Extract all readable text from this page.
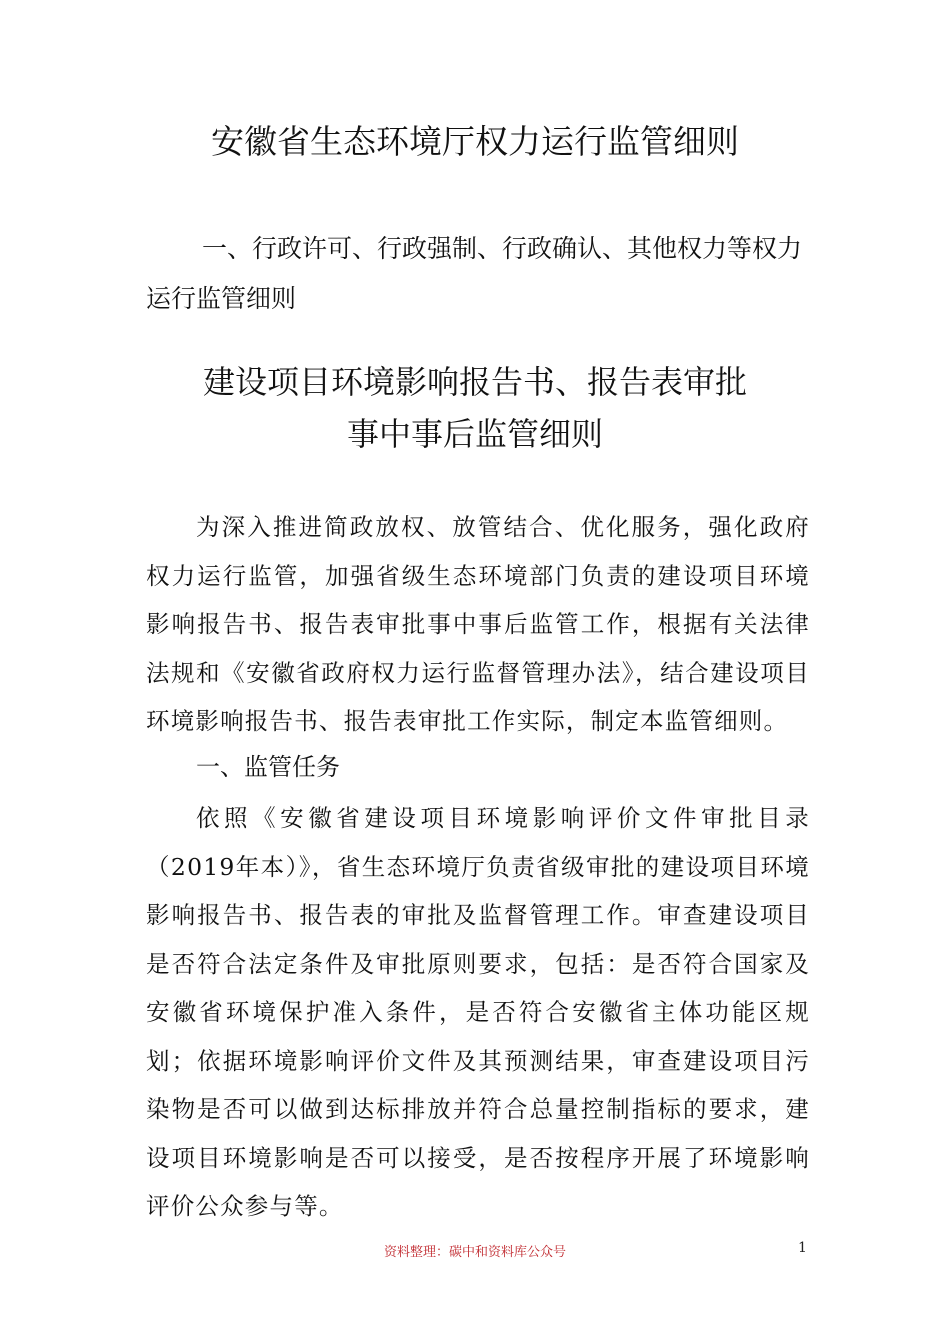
安徽省生态环境厅权力运行监管细则
一、行政许可、行政强制、行政确认、其他权力等权力运行监管细则
建设项目环境影响报告书、报告表审批
事中事后监管细则

为深入推进简政放权、放管结合、优化服务，强化政府权力运行监管，加强省级生态环境部门负责的建设项目环境影响报告书、报告表审批事中事后监管工作，根据有关法律法规和《安徽省政府权力运行监督管理办法》，结合建设项目环境影响报告书、报告表审批工作实际，制定本监管细则。

一、监管任务

依照《安徽省建设项目环境影响评价文件审批目录（2019年本）》，省生态环境厅负责省级审批的建设项目环境影响报告书、报告表的审批及监督管理工作。审查建设项目是否符合法定条件及审批原则要求，包括：是否符合国家及安徽省环境保护准入条件，是否符合安徽省主体功能区规划；依据环境影响评价文件及其预测结果，审查建设项目污染物是否可以做到达标排放并符合总量控制指标的要求，建设项目环境影响是否可以接受，是否按程序开展了环境影响评价公众参与等。

资料整理：碳中和资料库公众号	1
